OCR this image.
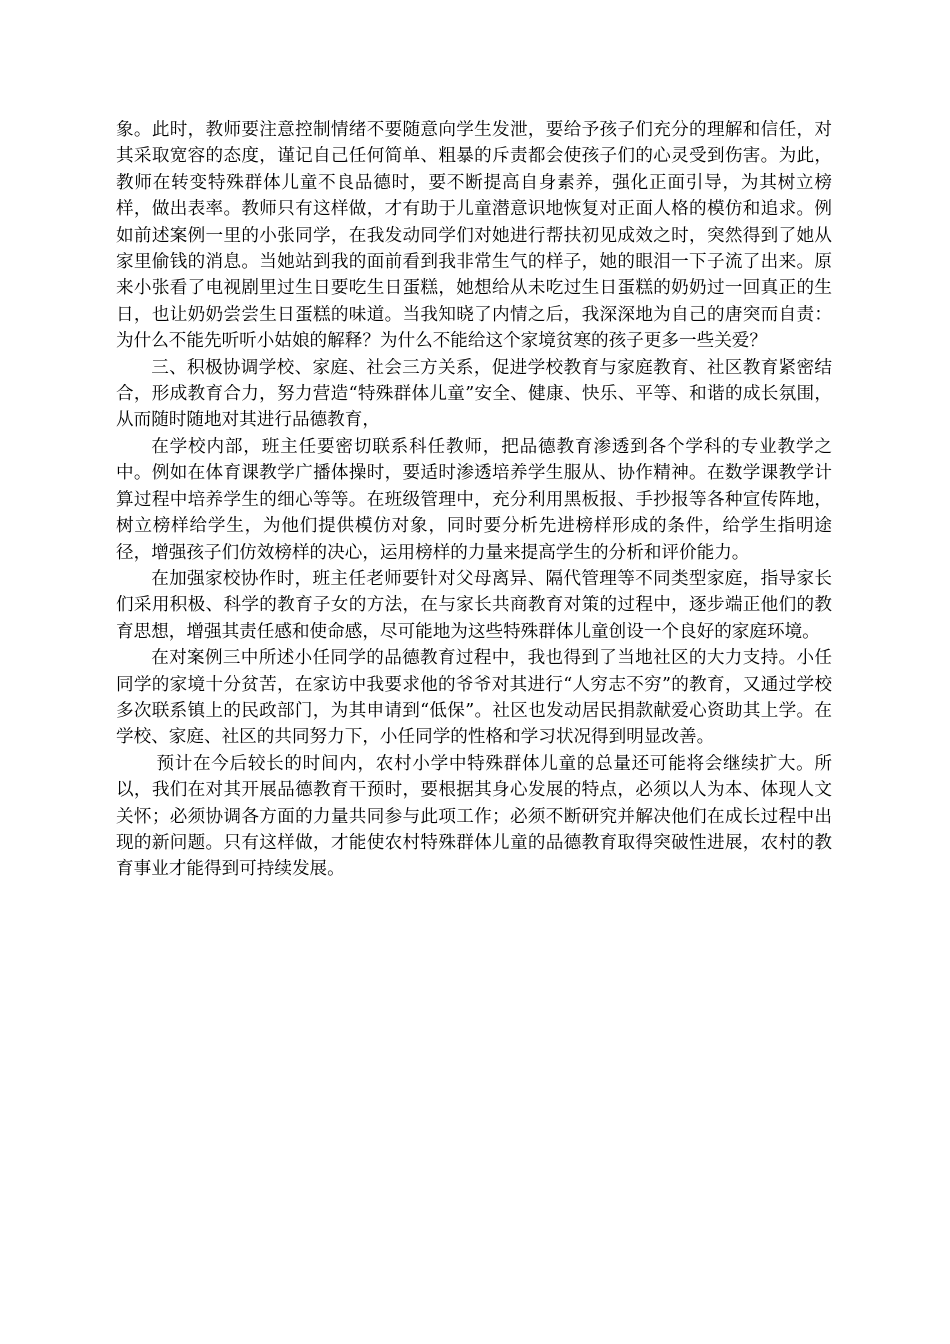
象。此时，教师要注意控制情绪不要随意向学生发泄，要给予孩子们充分的理解和信任，对其采取宽容的态度，谨记自己任何简单、粗暴的斥责都会使孩子们的心灵受到伤害。为此，教师在转变特殊群体儿童不良品德时，要不断提高自身素养，强化正面引导，为其树立榜样，做出表率。教师只有这样做，才有助于儿童潜意识地恢复对正面人格的模仿和追求。例如前述案例一里的小张同学，在我发动同学们对她进行帮扶初见成效之时，突然得到了她从家里偷钱的消息。当她站到我的面前看到我非常生气的样子，她的眼泪一下子流了出来。原来小张看了电视剧里过生日要吃生日蛋糕，她想给从未吃过生日蛋糕的奶奶过一回真正的生日，也让奶奶尝尝生日蛋糕的味道。当我知晓了内情之后，我深深地为自己的唐突而自责：为什么不能先听听小姑娘的解释？为什么不能给这个家境贫寒的孩子更多一些关爱？

三、积极协调学校、家庭、社会三方关系，促进学校教育与家庭教育、社区教育紧密结合，形成教育合力，努力营造“特殊群体儿童”安全、健康、快乐、平等、和谐的成长氛围，从而随时随地对其进行品德教育，

在学校内部，班主任要密切联系科任教师，把品德教育渗透到各个学科的专业教学之中。例如在体育课教学广播体操时，要适时渗透培养学生服从、协作精神。在数学课教学计算过程中培养学生的细心等等。在班级管理中，充分利用黑板报、手抄报等各种宣传阵地，树立榜样给学生，为他们提供模仿对象，同时要分析先进榜样形成的条件，给学生指明途径，增强孩子们仿效榜样的决心，运用榜样的力量来提高学生的分析和评价能力。

在加强家校协作时，班主任老师要针对父母离异、隔代管理等不同类型家庭，指导家长们采用积极、科学的教育子女的方法，在与家长共商教育对策的过程中，逐步端正他们的教育思想，增强其责任感和使命感，尽可能地为这些特殊群体儿童创设一个良好的家庭环境。

在对案例三中所述小任同学的品德教育过程中，我也得到了当地社区的大力支持。小任同学的家境十分贫苦，在家访中我要求他的爷爷对其进行“人穷志不穷”的教育，又通过学校多次联系镇上的民政部门，为其申请到“低保”。社区也发动居民捐款献爱心资助其上学。在学校、家庭、社区的共同努力下，小任同学的性格和学习状况得到明显改善。

预计在今后较长的时间内，农村小学中特殊群体儿童的总量还可能将会继续扩大。所以，我们在对其开展品德教育干预时，要根据其身心发展的特点，必须以人为本、体现人文关怀；必须协调各方面的力量共同参与此项工作；必须不断研究并解决他们在成长过程中出现的新问题。只有这样做，才能使农村特殊群体儿童的品德教育取得突破性进展，农村的教育事业才能得到可持续发展。
